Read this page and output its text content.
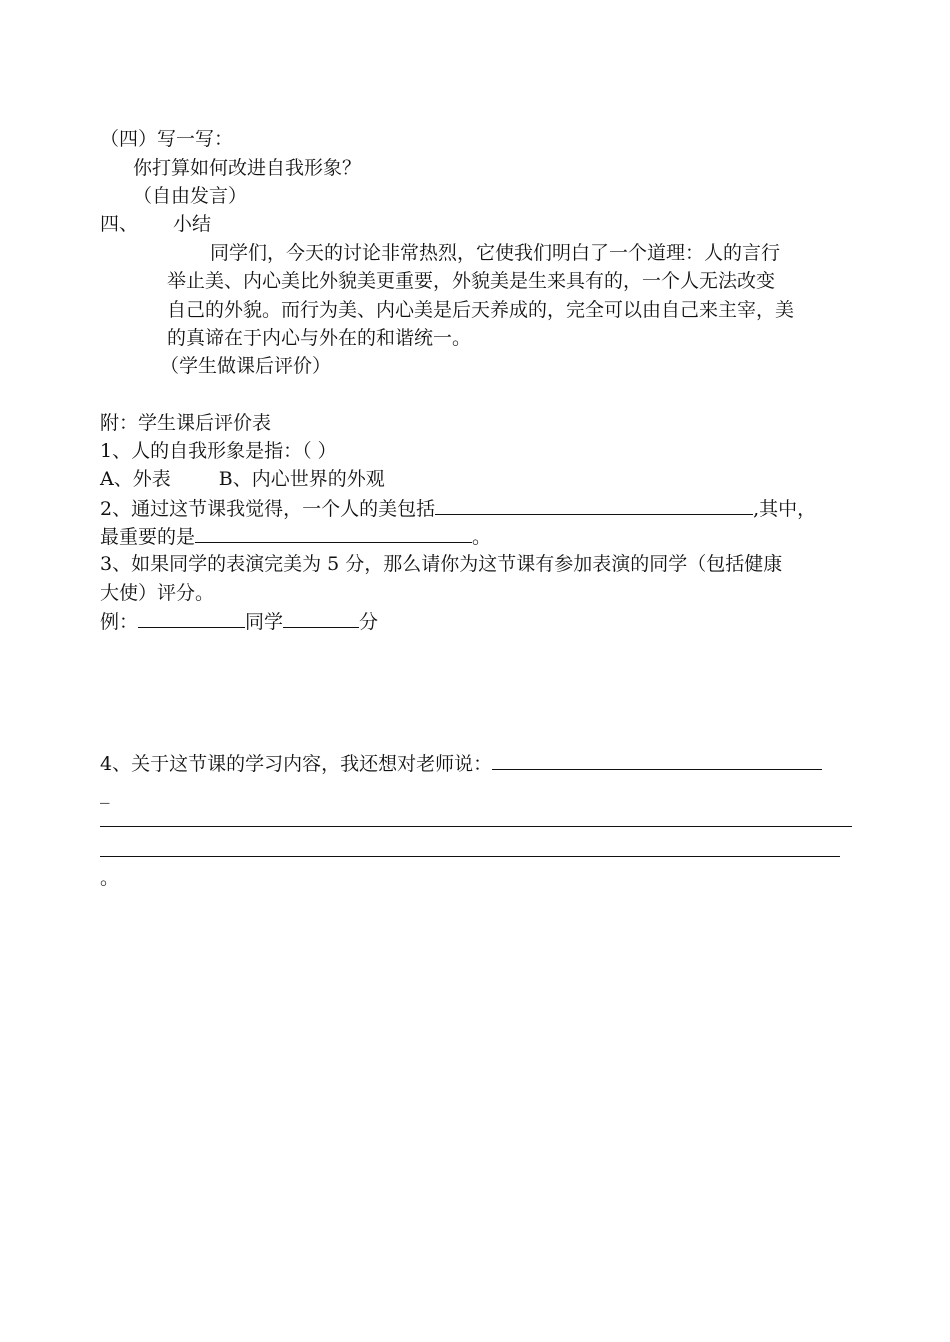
（四）写一写：
你打算如何改进自我形象？
（自由发言）
四、 小结
同学们，今天的讨论非常热烈，它使我们明白了一个道理：人的言行
举止美、内心美比外貌美更重要，外貌美是生来具有的，一个人无法改变
自己的外貌。而行为美、内心美是后天养成的，完全可以由自己来主宰，美
的真谛在于内心与外在的和谐统一。
（学生做课后评价）
附：学生课后评价表
1、人的自我形象是指：（ ）
A、外表	B、内心世界的外观
2、通过这节课我觉得，一个人的美包括	,其中，
最重要的是	。
3、如果同学的表演完美为 5 分，那么请你为这节课有参加表演的同学（包括健康
大使）评分。
例：	同学	分
4、关于这节课的学习内容，我还想对老师说：
_
。
